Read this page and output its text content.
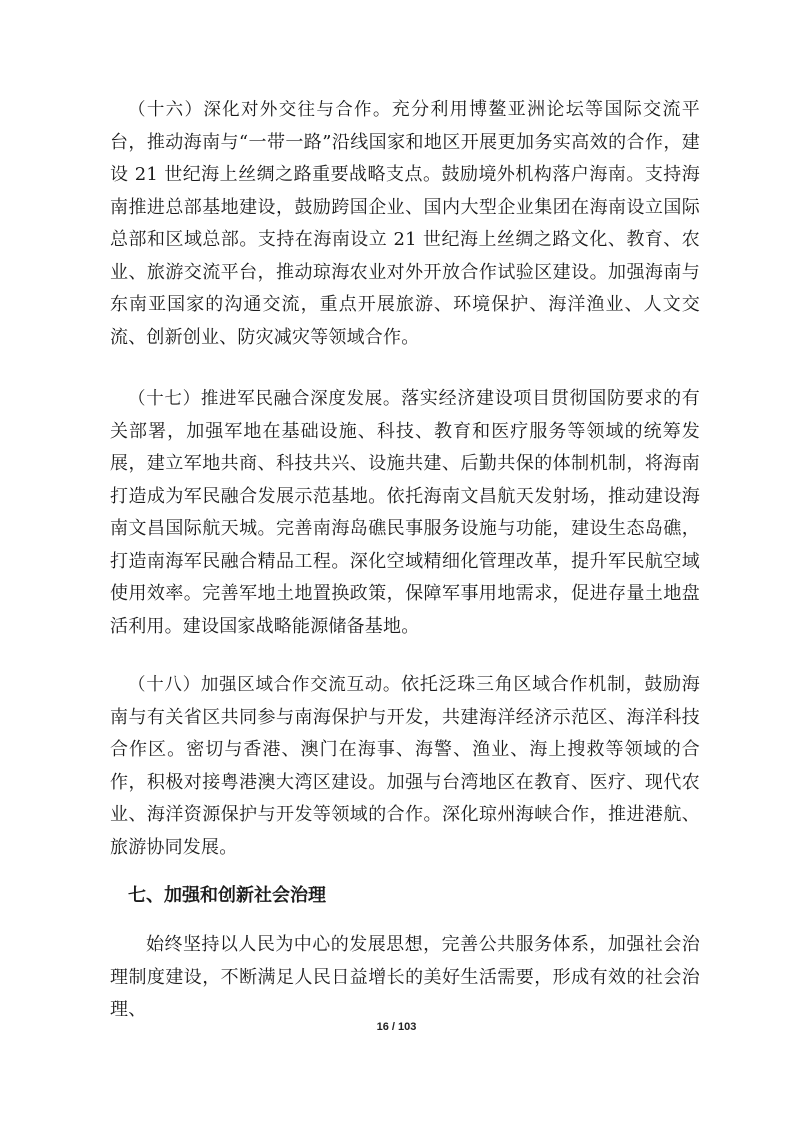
（十六）深化对外交往与合作。充分利用博鳌亚洲论坛等国际交流平台，推动海南与“一带一路”沿线国家和地区开展更加务实高效的合作，建设 21 世纪海上丝绸之路重要战略支点。鼓励境外机构落户海南。支持海南推进总部基地建设，鼓励跨国企业、国内大型企业集团在海南设立国际总部和区域总部。支持在海南设立 21 世纪海上丝绸之路文化、教育、农业、旅游交流平台，推动琼海农业对外开放合作试验区建设。加强海南与东南亚国家的沟通交流，重点开展旅游、环境保护、海洋渔业、人文交流、创新创业、防灾减灾等领域合作。

（十七）推进军民融合深度发展。落实经济建设项目贯彻国防要求的有关部署，加强军地在基础设施、科技、教育和医疗服务等领域的统筹发展，建立军地共商、科技共兴、设施共建、后勤共保的体制机制，将海南打造成为军民融合发展示范基地。依托海南文昌航天发射场，推动建设海南文昌国际航天城。完善南海岛礁民事服务设施与功能，建设生态岛礁，打造南海军民融合精品工程。深化空域精细化管理改革，提升军民航空域使用效率。完善军地土地置换政策，保障军事用地需求，促进存量土地盘活利用。建设国家战略能源储备基地。

（十八）加强区域合作交流互动。依托泛珠三角区域合作机制，鼓励海南与有关省区共同参与南海保护与开发，共建海洋经济示范区、海洋科技合作区。密切与香港、澳门在海事、海警、渔业、海上搜救等领域的合作，积极对接粤港澳大湾区建设。加强与台湾地区在教育、医疗、现代农业、海洋资源保护与开发等领域的合作。深化琼州海峡合作，推进港航、旅游协同发展。

七、加强和创新社会治理

始终坚持以人民为中心的发展思想，完善公共服务体系，加强社会治理制度建设，不断满足人民日益增长的美好生活需要，形成有效的社会治理、

16 / 103
